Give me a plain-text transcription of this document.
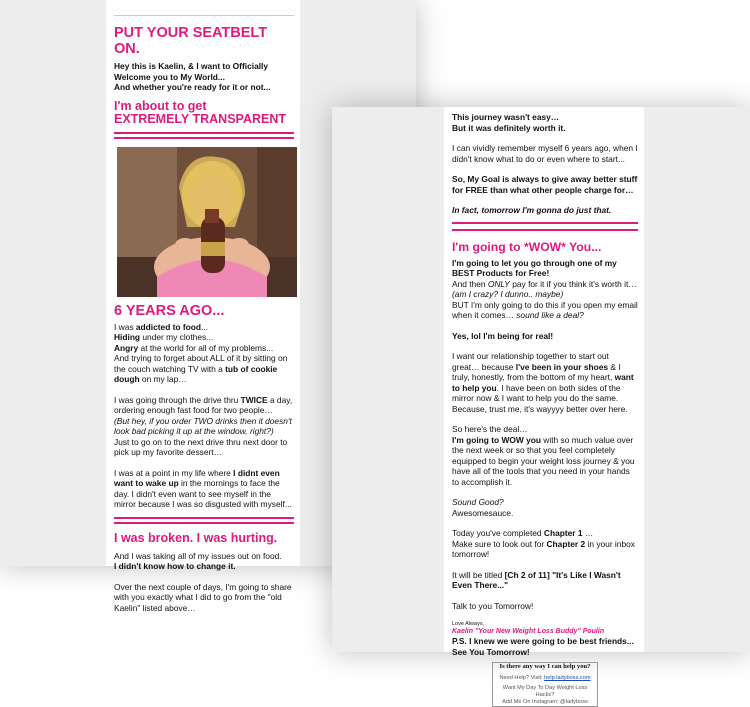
PUT YOUR SEATBELT ON.

Hey this is Kaelin, & I want to Officially Welcome you to My World...

And whether you're ready for it or not...

I'm about to get
EXTREMELY TRANSPARENT
6 YEARS AGO...

I was addicted to food...

Hiding under my clothes...

Angry at the world for all of my problems...

And trying to forget about ALL of it by sitting on the couch watching TV with a tub of cookie dough on my lap…

I was going through the drive thru TWICE a day, ordering enough fast food for two people…

(But hey, if you order TWO drinks then it doesn't look bad picking it up at the window, right?)

Just to go on to the next drive thru next door to pick up my favorite dessert…

I was at a point in my life where I didnt even want to wake up in the mornings to face the day. I didn't even want to see myself in the mirror because I was so disgusted with myself...

I was broken. I was hurting.

And I was taking all of my issues out on food.

I didn't know how to change it.

Over the next couple of days, I'm going to share with you exactly what I did to go from the "old Kaelin" listed above…

This journey wasn't easy…

But it was definitely worth it.

I can vividly remember myself 6 years ago, when I didn't know what to do or even where to start...

So, My Goal is always to give away better stuff for FREE than what other people charge for…

In fact, tomorrow I'm gonna do just that.

I'm going to *WOW* You...

I'm going to let you go through one of my BEST Products for Free!

And then ONLY pay for it if you think it's worth it…

(am I crazy? I dunno.. maybe)

BUT I'm only going to do this if you open my email when it comes… sound like a deal?

Yes, lol I'm being for real!

I want our relationship together to start out great… because I've been in your shoes & I truly, honestly, from the bottom of my heart, want to help you. I have been on both sides of the mirror now & I want to help you do the same. Because, trust me, it's wayyyy better over here.

So here's the deal…

I'm going to WOW you with so much value over the next week or so that you feel completely equipped to begin your weight loss journey & you have all of the tools that you need in your hands to accomplish it.

Sound Good?

Awesomesauce.

Today you've completed Chapter 1 …

Make sure to look out for Chapter 2 in your inbox tomorrow!

It will be titled [Ch 2 of 11] "It's Like I Wasn't Even There..."

Talk to you Tomorrow!

Love Always,
Kaelin "Your New Weight Loss Buddy" Poulin

P.S. I knew we were going to be best friends...

See You Tomorrow!

Is there any way I can help you?
Need Help? Visit: help.ladyboss.com
Want My Day To Day Weight Loss Hacks?
Add Me On Instagram: @ladyboss
